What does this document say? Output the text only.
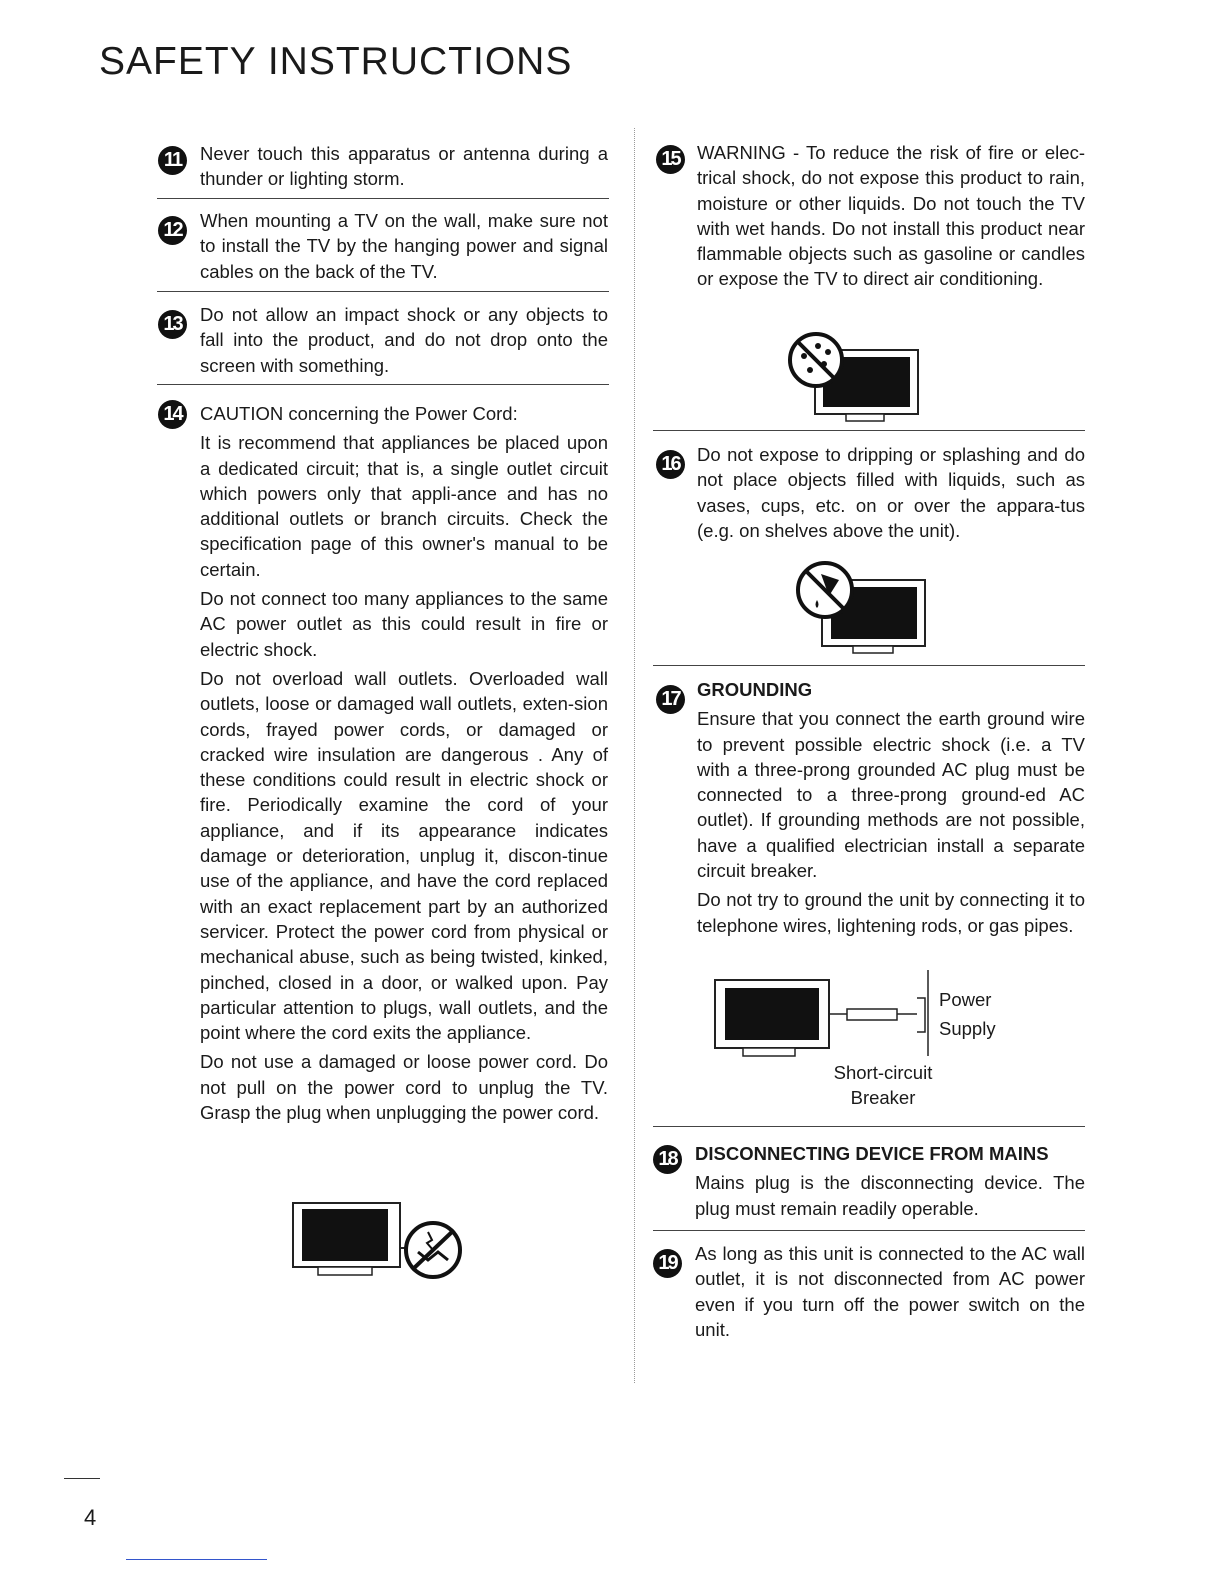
SAFETY INSTRUCTIONS
11	Never touch this apparatus or antenna during a thunder or lighting storm.
12 When mounting a TV on the wall, make sure not to install the TV by the hanging power and signal cables on the back of the TV.
13 Do not allow an impact shock or any objects to fall into the product, and do not drop onto the screen with something.
14 CAUTION concerning the Power Cord:

It is recommend that appliances be placed upon a dedicated circuit; that is, a single outlet circuit which powers only that appli-ance and has no additional outlets or branch circuits. Check the specification page of this owner's manual to be certain.

Do not connect too many appliances to the same AC power outlet as this could result in fire or electric shock.

Do not overload wall outlets. Overloaded wall outlets, loose or damaged wall outlets, exten-sion cords, frayed power cords, or damaged or cracked wire insulation are dangerous . Any of these conditions could result in electric shock or fire. Periodically examine the cord of your appliance, and if its appearance indicates damage or deterioration, unplug it, discon-tinue use of the appliance, and have the cord replaced with an exact replacement part by an authorized servicer. Protect the power cord from physical or mechanical abuse, such as being twisted, kinked, pinched, closed in a door, or walked upon. Pay particular attention to plugs, wall outlets, and the point where the cord exits the appliance.

Do not use a damaged or loose power cord. Do not pull on the power cord to unplug the TV. Grasp the plug when unplugging the power cord.

15 WARNING - To reduce the risk of fire or elec-trical shock, do not expose this product to rain, moisture or other liquids. Do not touch the TV with wet hands. Do not install this product near flammable objects such as gasoline or candles or expose the TV to direct air conditioning.
16 Do not expose to dripping or splashing and do not place objects filled with liquids, such as vases, cups, etc. on or over the appara-tus (e.g. on shelves above the unit).
17 GROUNDING

Ensure that you connect the earth ground wire to prevent possible electric shock (i.e. a TV with a three-prong grounded AC plug must be connected to a three-prong ground-ed AC outlet). If grounding methods are not possible, have a qualified electrician install a separate circuit breaker.

Do not try to ground the unit by connecting it to telephone wires, lightening rods, or gas pipes.

Power
Supply
Short-circuit
Breaker
18 DISCONNECTING DEVICE FROM MAINS

Mains plug is the disconnecting device. The plug must remain readily operable.

19 As long as this unit is connected to the AC wall outlet, it is not disconnected from AC power even if you turn off the power switch on the unit.
4
